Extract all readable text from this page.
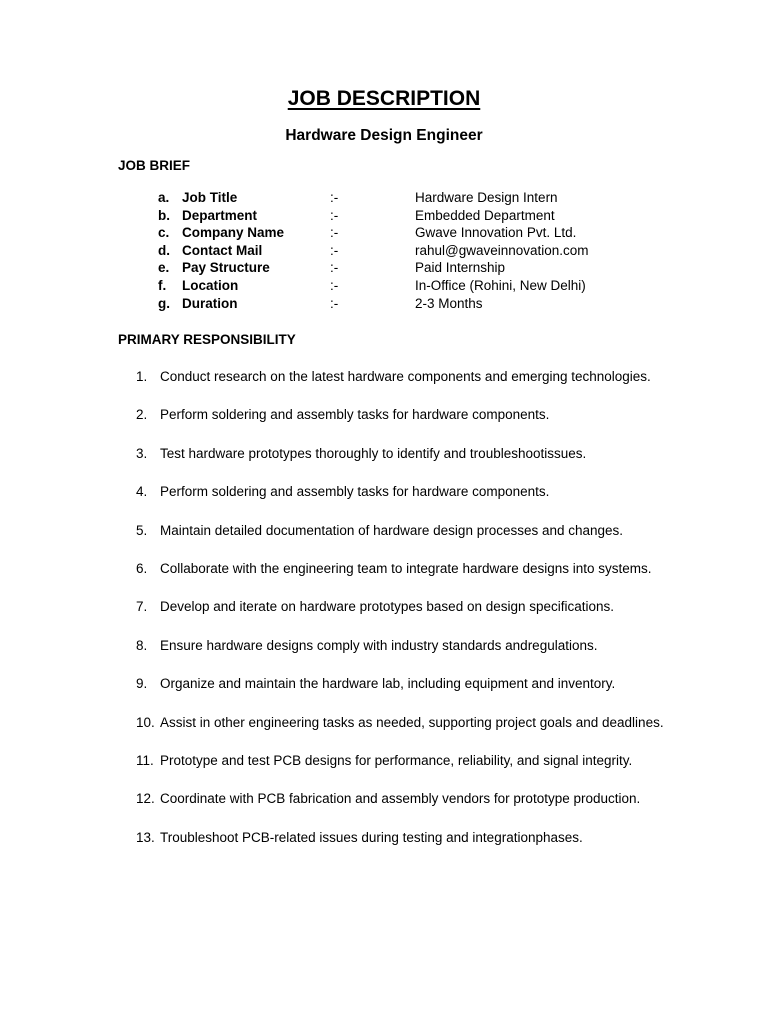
JOB DESCRIPTION
Hardware Design Engineer
JOB BRIEF
a. Job Title	:-	Hardware Design Intern
b. Department	:-	Embedded Department
c. Company Name	:-	Gwave Innovation Pvt. Ltd.
d. Contact Mail	:-	rahul@gwaveinnovation.com
e. Pay Structure	:-	Paid Internship
f.	Location	:-	In-Office (Rohini, New Delhi)
g. Duration	:-	2-3 Months
PRIMARY RESPONSIBILITY
1. Conduct research on the latest hardware components and emerging technologies.
2. Perform soldering and assembly tasks for hardware components.
3. Test hardware prototypes thoroughly to identify and troubleshootissues.
4. Perform soldering and assembly tasks for hardware components.
5. Maintain detailed documentation of hardware design processes and changes.
6. Collaborate with the engineering team to integrate hardware designs into systems.
7. Develop and iterate on hardware prototypes based on design specifications.
8. Ensure hardware designs comply with industry standards andregulations.
9. Organize and maintain the hardware lab, including equipment and inventory.
10. Assist in other engineering tasks as needed, supporting project goals and deadlines.
11. Prototype and test PCB designs for performance, reliability, and signal integrity.
12. Coordinate with PCB fabrication and assembly vendors for prototype production.
13. Troubleshoot PCB-related issues during testing and integrationphases.
